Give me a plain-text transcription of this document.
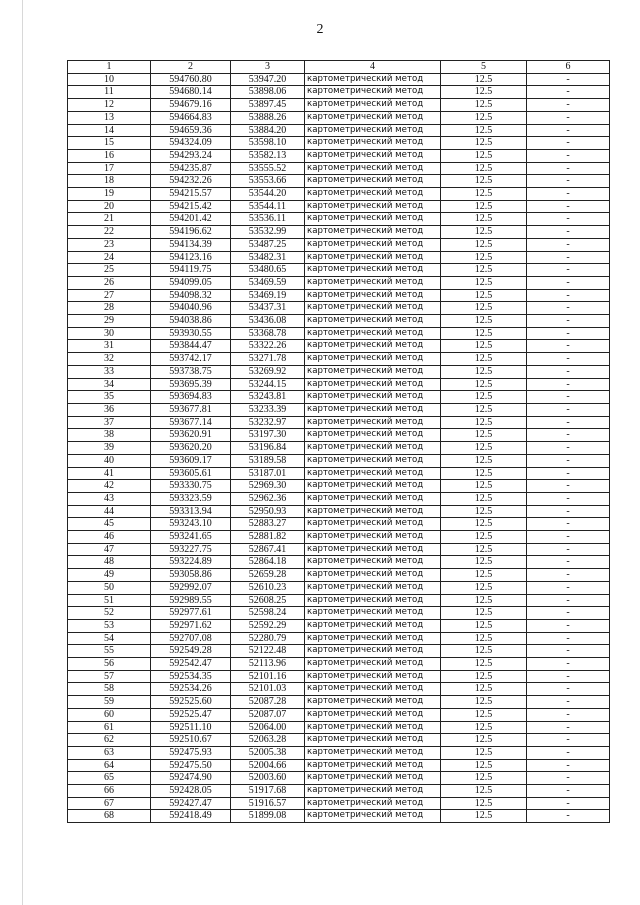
2
1	2	3	4	5	6
10	594760.80	53947.20	картометрический метод	12.5	-
11	594680.14	53898.06	картометрический метод	12.5	-
12	594679.16	53897.45	картометрический метод	12.5	-
13	594664.83	53888.26	картометрический метод	12.5	-
14	594659.36	53884.20	картометрический метод	12.5	-
15	594324.09	53598.10	картометрический метод	12.5	-
16	594293.24	53582.13	картометрический метод	12.5	-
17	594235.87	53555.52	картометрический метод	12.5	-
18	594232.26	53553.66	картометрический метод	12.5	-
19	594215.57	53544.20	картометрический метод	12.5	-
20	594215.42	53544.11	картометрический метод	12.5	-
21	594201.42	53536.11	картометрический метод	12.5	-
22	594196.62	53532.99	картометрический метод	12.5	-
23	594134.39	53487.25	картометрический метод	12.5	-
24	594123.16	53482.31	картометрический метод	12.5	-
25	594119.75	53480.65	картометрический метод	12.5	-
26	594099.05	53469.59	картометрический метод	12.5	-
27	594098.32	53469.19	картометрический метод	12.5	-
28	594040.96	53437.31	картометрический метод	12.5	-
29	594038.86	53436.08	картометрический метод	12.5	-
30	593930.55	53368.78	картометрический метод	12.5	-
31	593844.47	53322.26	картометрический метод	12.5	-
32	593742.17	53271.78	картометрический метод	12.5	-
33	593738.75	53269.92	картометрический метод	12.5	-
34	593695.39	53244.15	картометрический метод	12.5	-
35	593694.83	53243.81	картометрический метод	12.5	-
36	593677.81	53233.39	картометрический метод	12.5	-
37	593677.14	53232.97	картометрический метод	12.5	-
38	593620.91	53197.30	картометрический метод	12.5	-
39	593620.20	53196.84	картометрический метод	12.5	-
40	593609.17	53189.58	картометрический метод	12.5	-
41	593605.61	53187.01	картометрический метод	12.5	-
42	593330.75	52969.30	картометрический метод	12.5	-
43	593323.59	52962.36	картометрический метод	12.5	-
44	593313.94	52950.93	картометрический метод	12.5	-
45	593243.10	52883.27	картометрический метод	12.5	-
46	593241.65	52881.82	картометрический метод	12.5	-
47	593227.75	52867.41	картометрический метод	12.5	-
48	593224.89	52864.18	картометрический метод	12.5	-
49	593058.86	52659.28	картометрический метод	12.5	-
50	592992.07	52610.23	картометрический метод	12.5	-
51	592989.55	52608.25	картометрический метод	12.5	-
52	592977.61	52598.24	картометрический метод	12.5	-
53	592971.62	52592.29	картометрический метод	12.5	-
54	592707.08	52280.79	картометрический метод	12.5	-
55	592549.28	52122.48	картометрический метод	12.5	-
56	592542.47	52113.96	картометрический метод	12.5	-
57	592534.35	52101.16	картометрический метод	12.5	-
58	592534.26	52101.03	картометрический метод	12.5	-
59	592525.60	52087.28	картометрический метод	12.5	-
60	592525.47	52087.07	картометрический метод	12.5	-
61	592511.10	52064.00	картометрический метод	12.5	-
62	592510.67	52063.28	картометрический метод	12.5	-
63	592475.93	52005.38	картометрический метод	12.5	-
64	592475.50	52004.66	картометрический метод	12.5	-
65	592474.90	52003.60	картометрический метод	12.5	-
66	592428.05	51917.68	картометрический метод	12.5	-
67	592427.47	51916.57	картометрический метод	12.5	-
68	592418.49	51899.08	картометрический метод	12.5	-
